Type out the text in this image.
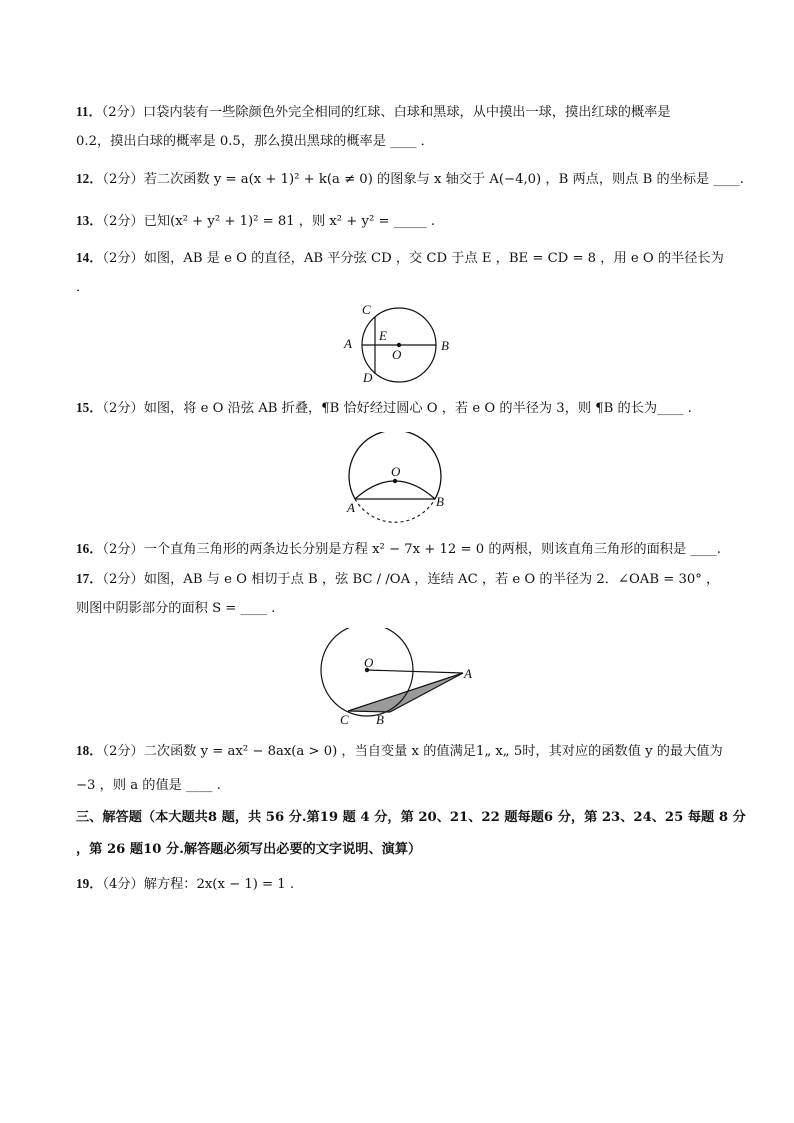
11．（2分）口袋内装有一些除颜色外完全相同的红球、白球和黑球，从中摸出一球，摸出红球的概率是
0.2，摸出白球的概率是 0.5，那么摸出黑球的概率是 ____ ．
12．（2分）若二次函数 y = a(x + 1)² + k(a ≠ 0) 的图象与 x 轴交于 A(−4,0) ，B 两点，则点 B 的坐标是 ____.
13．（2分）已知(x² + y² + 1)² = 81 ，则 x² + y² = _____ .
14．（2分）如图，AB 是 e O 的直径，AB 平分弦 CD ，交 CD 于点 E ，BE = CD = 8 ，用 e O 的半径长为
．
C
A
E
O
B
D
15．（2分）如图，将 e O 沿弦 AB 折叠，¶B 恰好经过圆心 O ，若 e O 的半径为 3，则 ¶B 的长为____ .
O
A	B
16．（2分）一个直角三角形的两条边长分别是方程 x² − 7x + 12 = 0 的两根，则该直角三角形的面积是 ____.
17．（2分）如图，AB 与 e O 相切于点 B ，弦 BC / /OA ，连结 AC ，若 e O 的半径为 2．∠OAB = 30° ，
则图中阴影部分的面积 S = ____ .
O
A
C B
18．（2分）二次函数 y = ax² − 8ax(a > 0) ，当自变量 x 的值满足1„ x„ 5时，其对应的函数值 y 的最大值为
−3 ，则 a 的值是 ____ .
三、解答题（本大题共8 题，共 56 分.第19 题 4 分，第 20、21、22 题每题6 分，第 23、24、25 每题 8 分
，第 26 题10 分.解答题必须写出必要的文字说明、演算）
19．（4分）解方程：2x(x − 1) = 1 .
